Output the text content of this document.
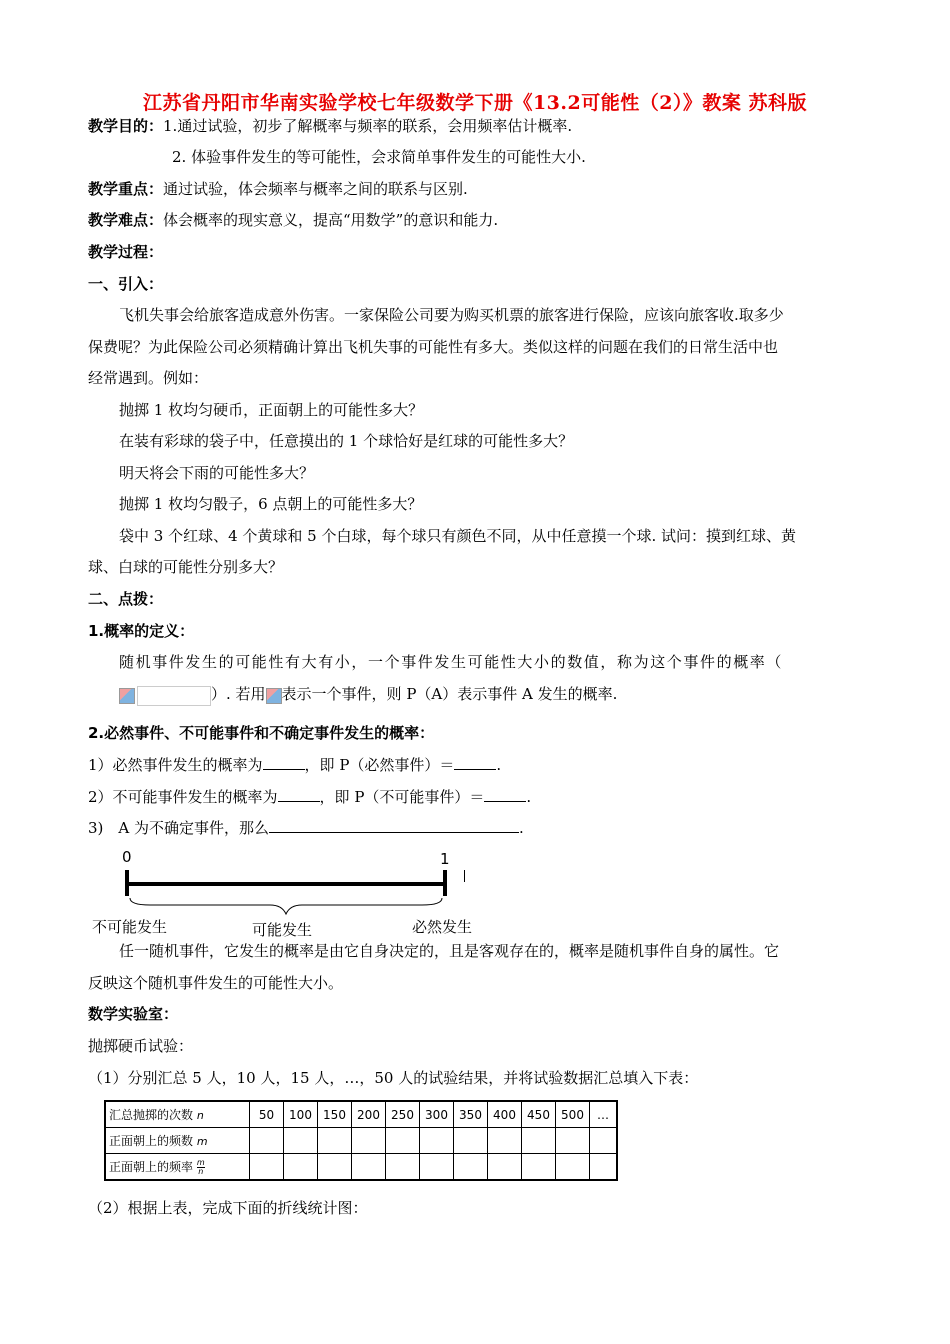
江苏省丹阳市华南实验学校七年级数学下册《13.2可能性（2）》教案 苏科版
教学目的：1.通过试验，初步了解概率与频率的联系，会用频率估计概率.
2. 体验事件发生的等可能性，会求简单事件发生的可能性大小.
教学重点：通过试验，体会频率与概率之间的联系与区别.
教学难点：体会概率的现实意义，提高“用数学”的意识和能力.
教学过程：
一、引入：
飞机失事会给旅客造成意外伤害。一家保险公司要为购买机票的旅客进行保险，应该向旅客收.取多少
保费呢？为此保险公司必须精确计算出飞机失事的可能性有多大。类似这样的问题在我们的日常生活中也
经常遇到。例如：
抛掷 1 枚均匀硬币，正面朝上的可能性多大？
在装有彩球的袋子中，任意摸出的 1 个球恰好是红球的可能性多大？
明天将会下雨的可能性多大？
抛掷 1 枚均匀骰子，6 点朝上的可能性多大？
袋中 3 个红球、4 个黄球和 5 个白球，每个球只有颜色不同，从中任意摸一个球. 试问：摸到红球、黄
球、白球的可能性分别多大？
二、点拨：
1.概率的定义：
随机事件发生的可能性有大有小，一个事件发生可能性大小的数值，称为这个事件的概率（
）. 若用 表示一个事件，则 P（A）表示事件 A 发生的概率.
2.必然事件、不可能事件和不确定事件发生的概率：
1）必然事件发生的概率为	，即 P（必然事件）＝	.
2）不可能事件发生的概率为	，即 P（不可能事件）＝	.
3)　A 为不确定事件，那么	.
0	1
不可能发生	可能发生	必然发生
任一随机事件，它发生的概率是由它自身决定的，且是客观存在的，概率是随机事件自身的属性。它
反映这个随机事件发生的可能性大小。
数学实验室：
抛掷硬币试验：
（1）分别汇总 5 人，10 人，15 人，…，50 人的试验结果，并将试验数据汇总填入下表：
汇总抛掷的次数 n	50	100	150	200	250	300	350	400	450	500	…
正面朝上的频数 m											
正面朝上的频率 $\frac{m}{n}$

（2）根据上表，完成下面的折线统计图：
